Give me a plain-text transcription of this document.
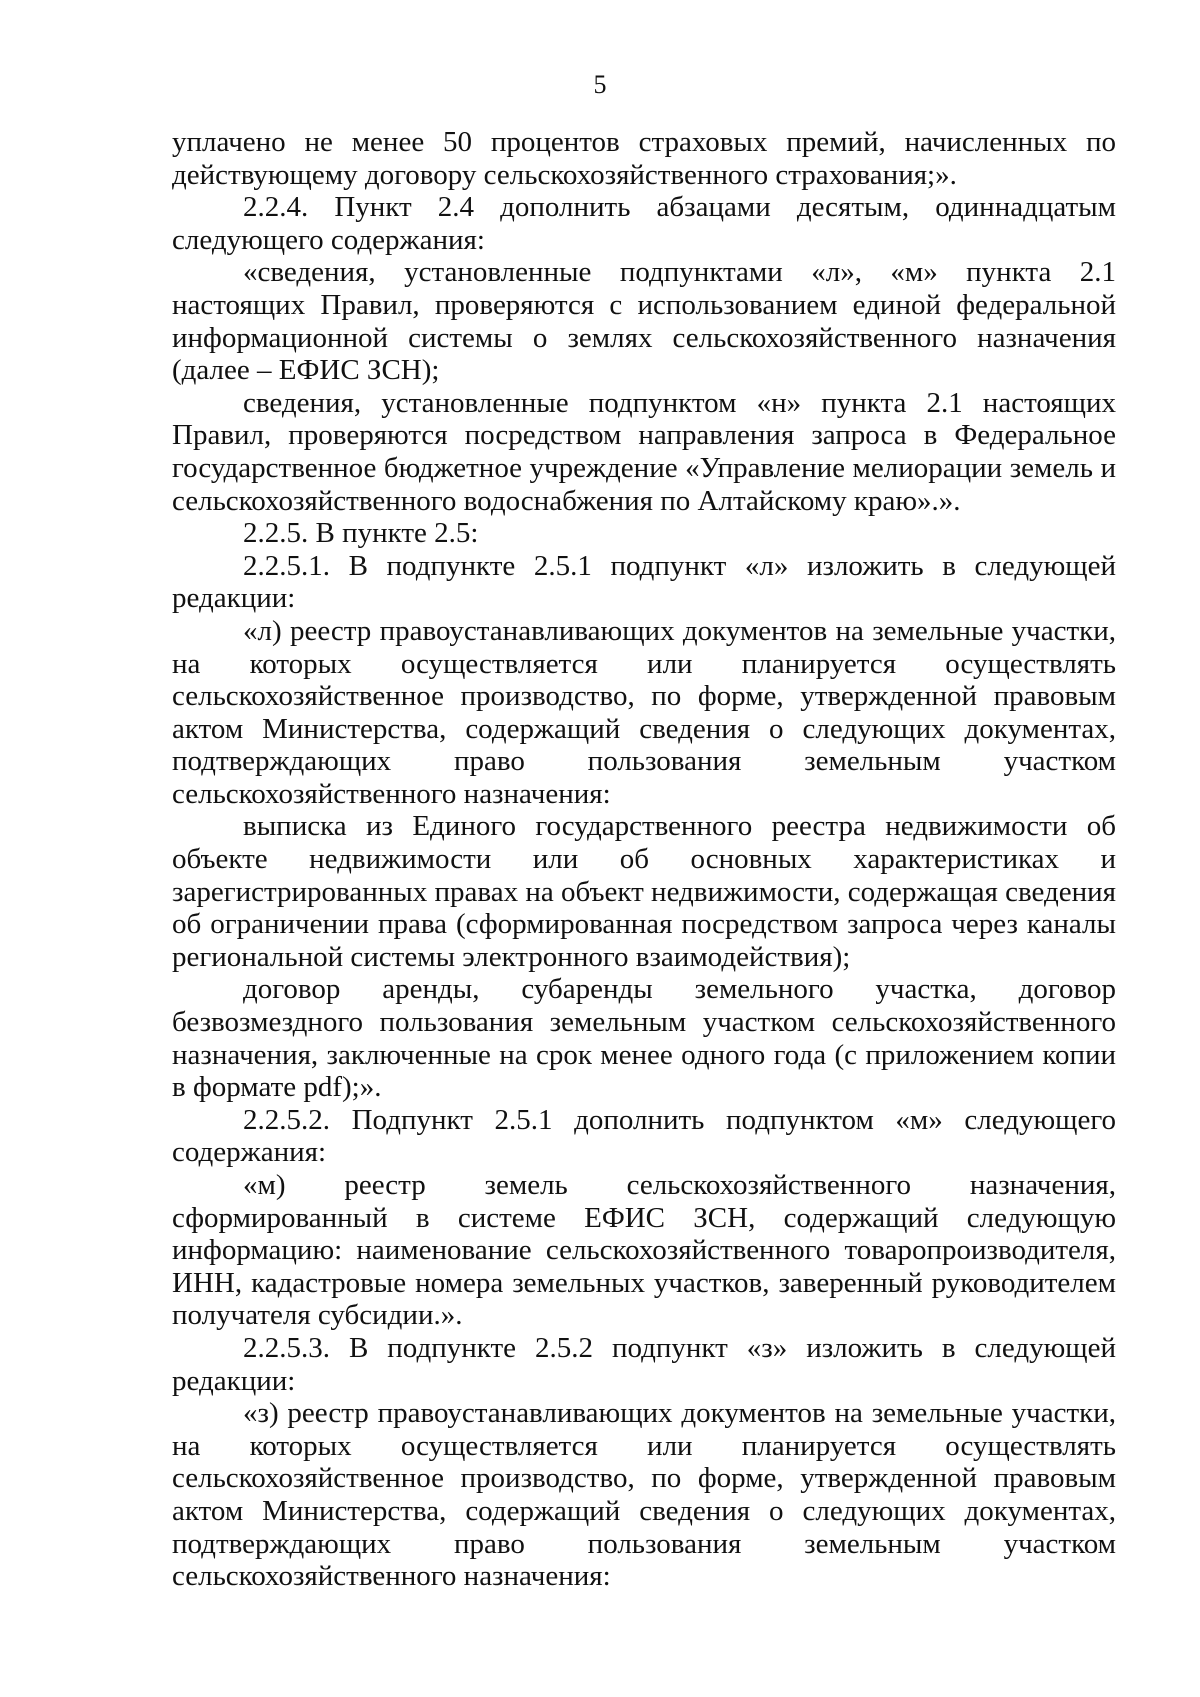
5

уплачено не менее 50 процентов страховых премий, начисленных по действующему договору сельскохозяйственного страхования;».

2.2.4. Пункт 2.4 дополнить абзацами десятым, одиннадцатым следующего содержания:

«сведения, установленные подпунктами «л», «м» пункта 2.1 настоящих Правил, проверяются с использованием единой федеральной информационной системы о землях сельскохозяйственного назначения (далее – ЕФИС ЗСН);

сведения, установленные подпунктом «н» пункта 2.1 настоящих Правил, проверяются посредством направления запроса в Федеральное государственное бюджетное учреждение «Управление мелиорации земель и сельскохозяйственного водоснабжения по Алтайскому краю».».

2.2.5. В пункте 2.5:

2.2.5.1. В подпункте 2.5.1 подпункт «л» изложить в следующей редакции:

«л) реестр правоустанавливающих документов на земельные участки, на которых осуществляется или планируется осуществлять сельскохозяйственное производство, по форме, утвержденной правовым актом Министерства, содержащий сведения о следующих документах, подтверждающих право пользования земельным участком сельскохозяйственного назначения:

выписка из Единого государственного реестра недвижимости об объекте недвижимости или об основных характеристиках и зарегистрированных правах на объект недвижимости, содержащая сведения об ограничении права (сформированная посредством запроса через каналы региональной системы электронного взаимодействия);

договор аренды, субаренды земельного участка, договор безвозмездного пользования земельным участком сельскохозяйственного назначения, заключенные на срок менее одного года (с приложением копии в формате pdf);».

2.2.5.2. Подпункт 2.5.1 дополнить подпунктом «м» следующего содержания:

«м) реестр земель сельскохозяйственного назначения, сформированный в системе ЕФИС ЗСН, содержащий следующую информацию: наименование сельскохозяйственного товаропроизводителя, ИНН, кадастровые номера земельных участков, заверенный руководителем получателя субсидии.».

2.2.5.3. В подпункте 2.5.2 подпункт «з» изложить в следующей редакции:

«з) реестр правоустанавливающих документов на земельные участки, на которых осуществляется или планируется осуществлять сельскохозяйственное производство, по форме, утвержденной правовым актом Министерства, содержащий сведения о следующих документах, подтверждающих право пользования земельным участком сельскохозяйственного назначения:
